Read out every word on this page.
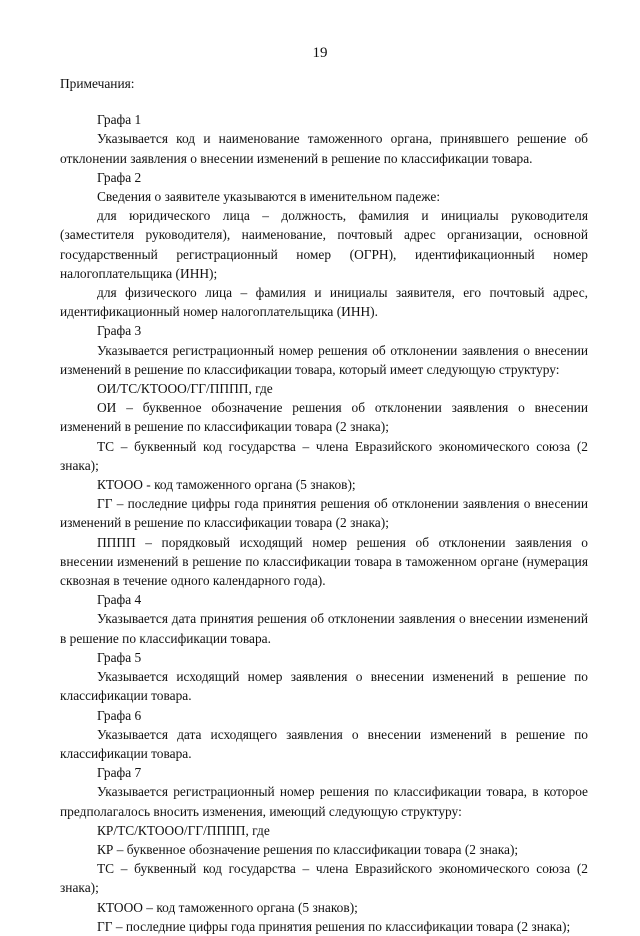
19

Примечания:

Графа 1

Указывается код и наименование таможенного органа, принявшего решение об отклонении заявления о внесении изменений в решение по классификации товара.

Графа 2

Сведения о заявителе указываются в именительном падеже:

для юридического лица – должность, фамилия и инициалы руководителя (заместителя руководителя), наименование, почтовый адрес организации, основной государственный регистрационный номер (ОГРН), идентификационный номер налогоплательщика (ИНН);

для физического лица – фамилия и инициалы заявителя, его почтовый адрес, идентификационный номер налогоплательщика (ИНН).

Графа 3

Указывается регистрационный номер решения об отклонении заявления о внесении изменений в решение по классификации товара, который имеет следующую структуру:

ОИ/ТС/КТООО/ГГ/ПППП, где

ОИ – буквенное обозначение решения об отклонении заявления о внесении изменений в решение по классификации товара (2 знака);

ТС – буквенный код государства – члена Евразийского экономического союза (2 знака);

КТООО - код таможенного органа (5 знаков);

ГГ – последние цифры года принятия решения об отклонении заявления о внесении изменений в решение по классификации товара (2 знака);

ПППП – порядковый исходящий номер решения об отклонении заявления о внесении изменений в решение по классификации товара в таможенном органе (нумерация сквозная в течение одного календарного года).

Графа 4

Указывается дата принятия решения об отклонении заявления о внесении изменений в решение по классификации товара.

Графа 5

Указывается исходящий номер заявления о внесении изменений в решение по классификации товара.

Графа 6

Указывается дата исходящего заявления о внесении изменений в решение по классификации товара.

Графа 7

Указывается регистрационный номер решения по классификации товара, в которое предполагалось вносить изменения, имеющий следующую структуру:

КР/ТС/КТООО/ГГ/ПППП, где

КР – буквенное обозначение решения по классификации товара (2 знака);

ТС – буквенный код государства – члена Евразийского экономического союза (2 знака);

КТООО – код таможенного органа (5 знаков);

ГГ – последние цифры года принятия решения по классификации товара (2 знака);
